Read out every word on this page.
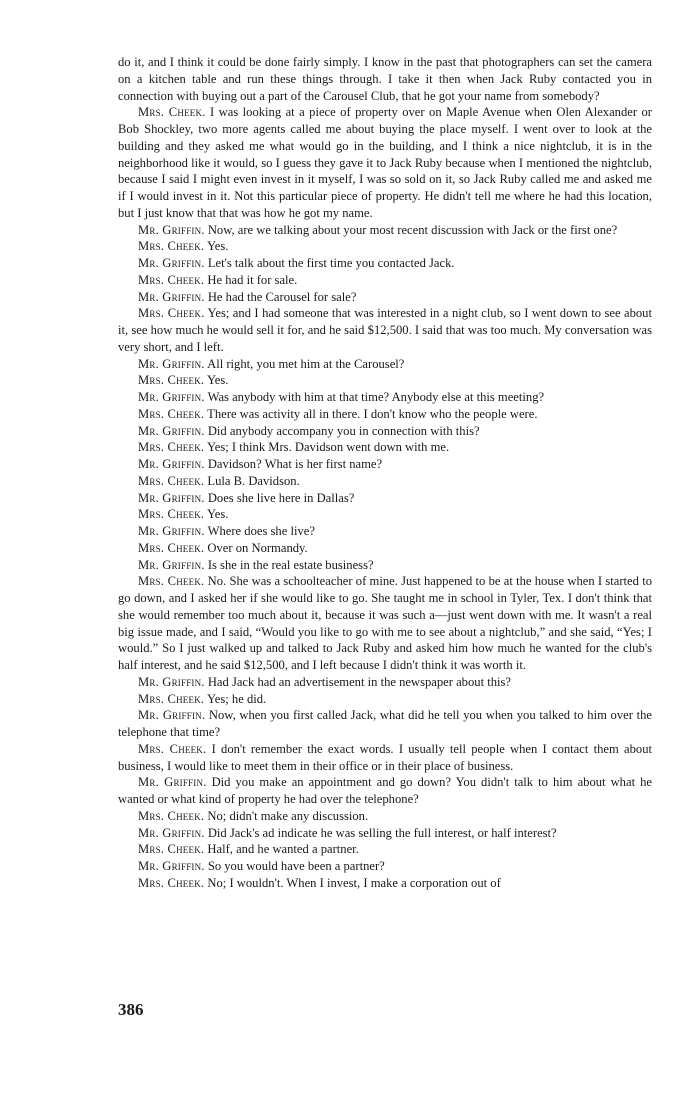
do it, and I think it could be done fairly simply. I know in the past that photographers can set the camera on a kitchen table and run these things through. I take it then when Jack Ruby contacted you in connection with buying out a part of the Carousel Club, that he got your name from somebody?

Mrs. Cheek. I was looking at a piece of property over on Maple Avenue when Olen Alexander or Bob Shockley, two more agents called me about buying the place myself. I went over to look at the building and they asked me what would go in the building, and I think a nice nightclub, it is in the neighborhood like it would, so I guess they gave it to Jack Ruby because when I mentioned the nightclub, because I said I might even invest in it myself, I was so sold on it, so Jack Ruby called me and asked me if I would invest in it. Not this particular piece of property. He didn't tell me where he had this location, but I just know that that was how he got my name.

Mr. Griffin. Now, are we talking about your most recent discussion with Jack or the first one?

Mrs. Cheek. Yes.

Mr. Griffin. Let's talk about the first time you contacted Jack.

Mrs. Cheek. He had it for sale.

Mr. Griffin. He had the Carousel for sale?

Mrs. Cheek. Yes; and I had someone that was interested in a night club, so I went down to see about it, see how much he would sell it for, and he said $12,500. I said that was too much. My conversation was very short, and I left.

Mr. Griffin. All right, you met him at the Carousel?

Mrs. Cheek. Yes.

Mr. Griffin. Was anybody with him at that time? Anybody else at this meeting?

Mrs. Cheek. There was activity all in there. I don't know who the people were.

Mr. Griffin. Did anybody accompany you in connection with this?

Mrs. Cheek. Yes; I think Mrs. Davidson went down with me.

Mr. Griffin. Davidson? What is her first name?

Mrs. Cheek. Lula B. Davidson.

Mr. Griffin. Does she live here in Dallas?

Mrs. Cheek. Yes.

Mr. Griffin. Where does she live?

Mrs. Cheek. Over on Normandy.

Mr. Griffin. Is she in the real estate business?

Mrs. Cheek. No. She was a schoolteacher of mine. Just happened to be at the house when I started to go down, and I asked her if she would like to go. She taught me in school in Tyler, Tex. I don't think that she would remember too much about it, because it was such a—just went down with me. It wasn't a real big issue made, and I said, “Would you like to go with me to see about a nightclub,” and she said, “Yes; I would.” So I just walked up and talked to Jack Ruby and asked him how much he wanted for the club's half interest, and he said $12,500, and I left because I didn't think it was worth it.

Mr. Griffin. Had Jack had an advertisement in the newspaper about this?

Mrs. Cheek. Yes; he did.

Mr. Griffin. Now, when you first called Jack, what did he tell you when you talked to him over the telephone that time?

Mrs. Cheek. I don't remember the exact words. I usually tell people when I contact them about business, I would like to meet them in their office or in their place of business.

Mr. Griffin. Did you make an appointment and go down? You didn't talk to him about what he wanted or what kind of property he had over the telephone?

Mrs. Cheek. No; didn't make any discussion.

Mr. Griffin. Did Jack's ad indicate he was selling the full interest, or half interest?

Mrs. Cheek. Half, and he wanted a partner.

Mr. Griffin. So you would have been a partner?

Mrs. Cheek. No; I wouldn't. When I invest, I make a corporation out of

386
